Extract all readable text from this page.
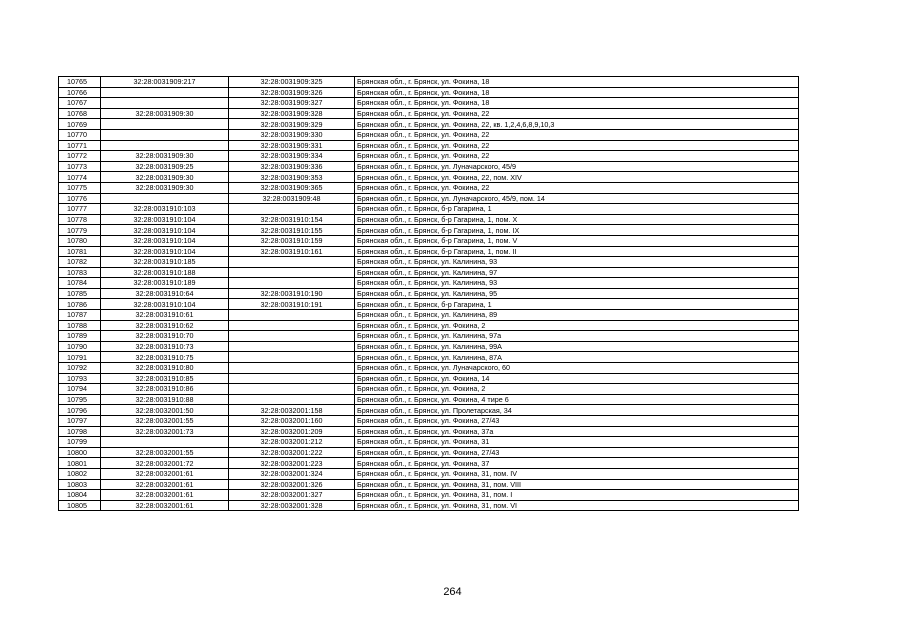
10765	32:28:0031909:217	32:28:0031909:325	Брянская обл., г. Брянск, ул. Фокина, 18
10766		32:28:0031909:326	Брянская обл., г. Брянск, ул. Фокина, 18
10767		32:28:0031909:327	Брянская обл., г. Брянск, ул. Фокина, 18
10768	32:28:0031909:30	32:28:0031909:328	Брянская обл., г. Брянск, ул. Фокина, 22
10769		32:28:0031909:329	Брянская обл., г. Брянск, ул. Фокина, 22, кв. 1,2,4,6,8,9,10,3
10770		32:28:0031909:330	Брянская обл., г. Брянск, ул. Фокина, 22
10771		32:28:0031909:331	Брянская обл., г. Брянск, ул. Фокина, 22
10772	32:28:0031909:30	32:28:0031909:334	Брянская обл., г. Брянск, ул. Фокина, 22
10773	32:28:0031909:25	32:28:0031909:336	Брянская обл., г. Брянск, ул. Луначарского, 45/9
10774	32:28:0031909:30	32:28:0031909:353	Брянская обл., г. Брянск, ул. Фокина, 22, пом. XIV
10775	32:28:0031909:30	32:28:0031909:365	Брянская обл., г. Брянск, ул. Фокина, 22
10776		32:28:0031909:48	Брянская обл., г. Брянск, ул. Луначарского, 45/9, пом. 14
10777	32:28:0031910:103		Брянская обл., г. Брянск, б-р Гагарина, 1
10778	32:28:0031910:104	32:28:0031910:154	Брянская обл., г. Брянск, б-р Гагарина, 1, пом. X
10779	32:28:0031910:104	32:28:0031910:155	Брянская обл., г. Брянск, б-р Гагарина, 1, пом. IX
10780	32:28:0031910:104	32:28:0031910:159	Брянская обл., г. Брянск, б-р Гагарина, 1, пом. V
10781	32:28:0031910:104	32:28:0031910:161	Брянская обл., г. Брянск, б-р Гагарина, 1, пом. II
10782	32:28:0031910:185		Брянская обл., г. Брянск, ул. Калинина, 93
10783	32:28:0031910:188		Брянская обл., г. Брянск, ул. Калинина, 97
10784	32:28:0031910:189		Брянская обл., г. Брянск, ул. Калинина, 93
10785	32:28:0031910:64	32:28:0031910:190	Брянская обл., г. Брянск, ул. Калинина, 95
10786	32:28:0031910:104	32:28:0031910:191	Брянская обл., г. Брянск, б-р Гагарина, 1
10787	32:28:0031910:61		Брянская обл., г. Брянск, ул. Калинина, 89
10788	32:28:0031910:62		Брянская обл., г. Брянск, ул. Фокина, 2
10789	32:28:0031910:70		Брянская обл., г. Брянск, ул. Калинина, 97а
10790	32:28:0031910:73		Брянская обл., г. Брянск, ул. Калинина, 99А
10791	32:28:0031910:75		Брянская обл., г. Брянск, ул. Калинина, 87А
10792	32:28:0031910:80		Брянская обл., г. Брянск, ул. Луначарского, 60
10793	32:28:0031910:85		Брянская обл., г. Брянск, ул. Фокина, 14
10794	32:28:0031910:86		Брянская обл., г. Брянск, ул. Фокина, 2
10795	32:28:0031910:88		Брянская обл., г. Брянск, ул. Фокина, 4 тире 6
10796	32:28:0032001:50	32:28:0032001:158	Брянская обл., г. Брянск, ул. Пролетарская, 34
10797	32:28:0032001:55	32:28:0032001:160	Брянская обл., г. Брянск, ул. Фокина, 27/43
10798	32:28:0032001:73	32:28:0032001:209	Брянская обл., г. Брянск, ул. Фокина, 37а
10799		32:28:0032001:212	Брянская обл., г. Брянск, ул. Фокина, 31
10800	32:28:0032001:55	32:28:0032001:222	Брянская обл., г. Брянск, ул. Фокина, 27/43
10801	32:28:0032001:72	32:28:0032001:223	Брянская обл., г. Брянск, ул. Фокина, 37
10802	32:28:0032001:61	32:28:0032001:324	Брянская обл., г. Брянск, ул. Фокина, 31, пом. IV
10803	32:28:0032001:61	32:28:0032001:326	Брянская обл., г. Брянск, ул. Фокина, 31, пом. VIII
10804	32:28:0032001:61	32:28:0032001:327	Брянская обл., г. Брянск, ул. Фокина, 31, пом. I
10805	32:28:0032001:61	32:28:0032001:328	Брянская обл., г. Брянск, ул. Фокина, 31, пом. VI
264
